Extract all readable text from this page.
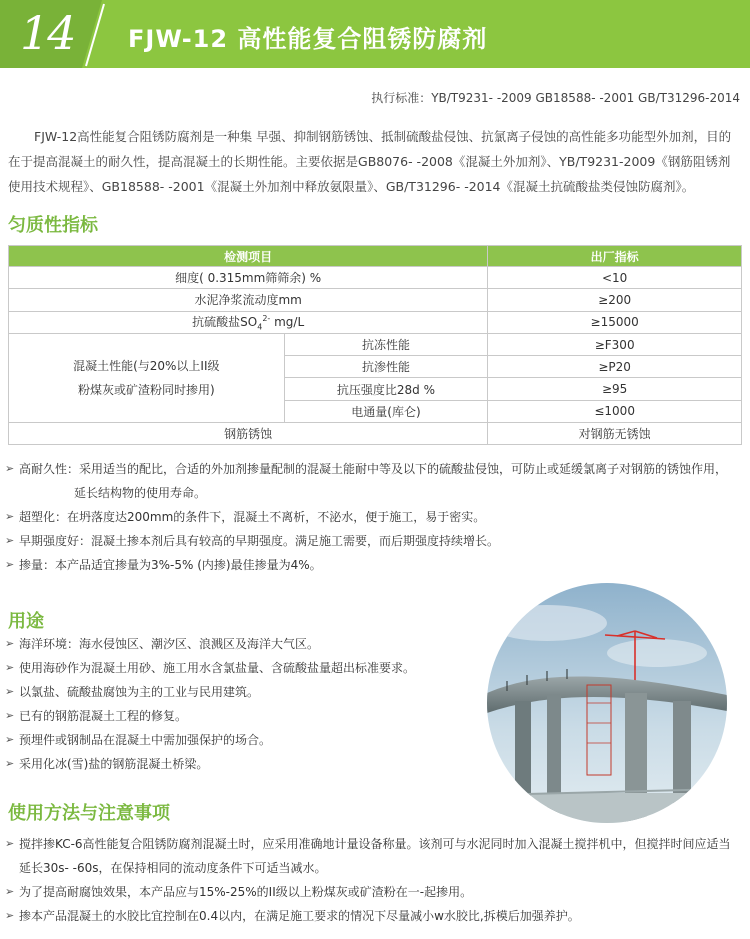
14 FJW-12 高性能复合阻锈防腐剂
执行标准：YB/T9231- -2009 GB18588- -2001 GB/T31296-2014
FJW-12高性能复合阻锈防腐剂是一种集 早强、抑制钢筋锈蚀、抵制硫酸盐侵蚀、抗氯离子侵蚀的高性能多功能型外加剂，目的在于提高混凝土的耐久性，提高混凝土的长期性能。主要依据是GB8076- -2008《混凝土外加剂》、YB/T9231-2009《钢筋阻锈剂使用技术规程》、GB18588- -2001《混凝土外加剂中释放氨限量》、GB/T31296- -2014《混凝土抗硫酸盐类侵蚀防腐剂》。
匀质性指标
检测项目		出厂指标
细度( 0.315mm筛筛余) %		<10
水泥净浆流动度mm		≥200
抗硫酸盐$SO_4^{2-}$ mg/L		≥15000

混凝土性能(与20%以上II级
粉煤灰或矿渣粉同时掺用)	抗冻性能	≥F300
	抗渗性能	≥P20
	抗压强度比28d %	≥95
	电通量(库仑)	≤1000
钢筋锈蚀		对钢筋无锈蚀
➢ 高耐久性：采用适当的配比，合适的外加剂掺量配制的混凝土能耐中等及以下的硫酸盐侵蚀，可防止或延缓氯离子对钢筋的锈蚀作用，
延长结构物的使用寿命。
➢ 超塑化：在坍落度达200mm的条件下，混凝土不离析，不泌水，便于施工，易于密实。
➢ 早期强度好：混凝土掺本剂后具有较高的早期强度。满足施工需要，而后期强度持续增长。
➢ 掺量：本产品适宜掺量为3%-5% (内掺)最佳掺量为4%。
用途
➢ 海洋环境：海水侵蚀区、潮汐区、浪溅区及海洋大气区。
➢ 使用海砂作为混凝土用砂、施工用水含氯盐量、含硫酸盐量超出标准要求。
➢ 以氯盐、硫酸盐腐蚀为主的工业与民用建筑。
➢ 已有的钢筋混凝土工程的修复。
➢ 预埋件或钢制品在混凝土中需加强保护的场合。
➢ 采用化冰(雪)盐的钢筋混凝土桥梁。
使用方法与注意事项
➢ 搅拌掺KC-6高性能复合阻锈防腐剂混凝土时，应采用准确地计量设备称量。该剂可与水泥同时加入混凝土搅拌机中，但搅拌时间应适当
延长30s- -60s，在保持相同的流动度条件下可适当减水。
➢ 为了提高耐腐蚀效果，本产品应与15%-25%的II级以上粉煤灰或矿渣粉在一-起掺用。
➢ 掺本产品混凝土的水胶比宜控制在0.4以内，在满足施工要求的情况下尽量减小w水胶比,拆模后加强养护。
